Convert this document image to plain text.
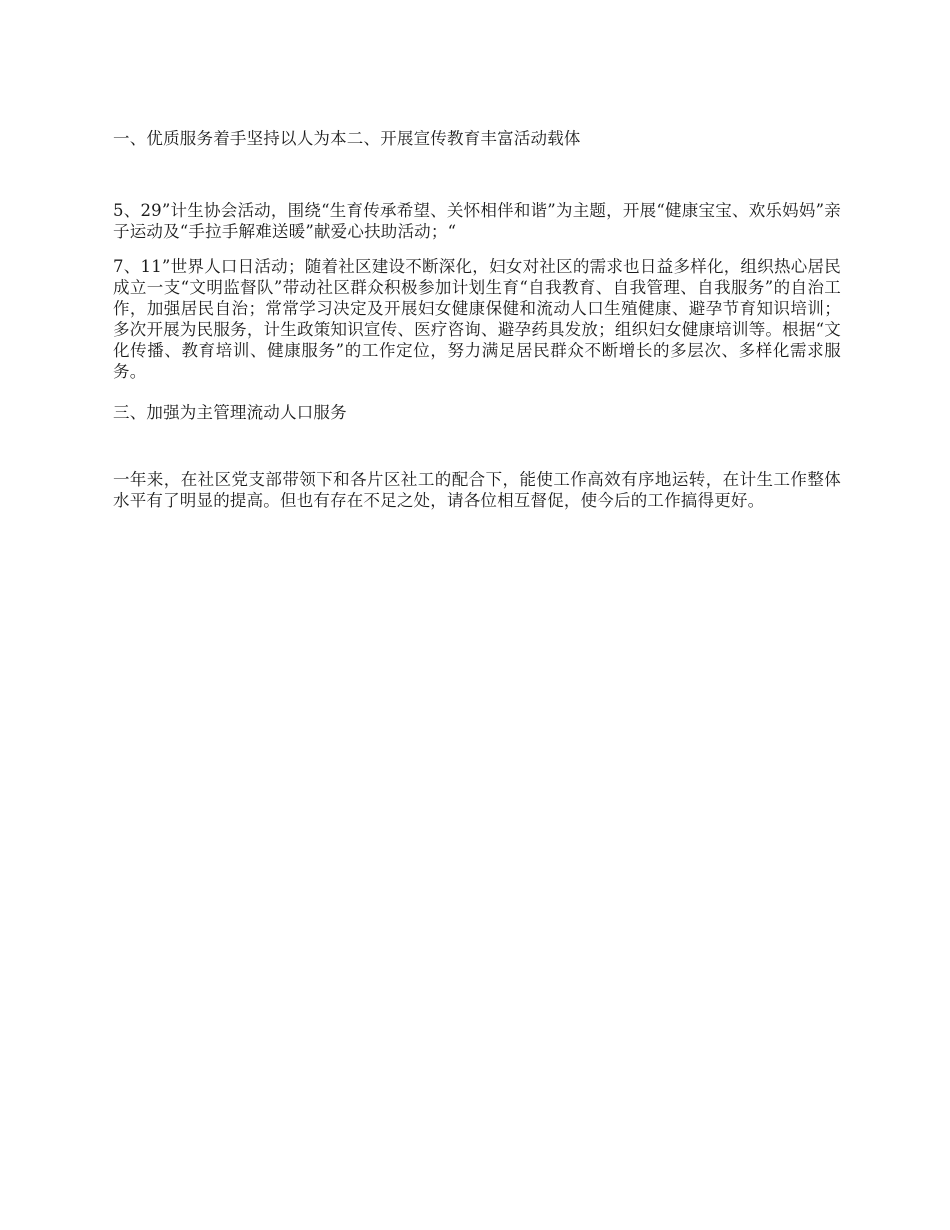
一、优质服务着手坚持以人为本二、开展宣传教育丰富活动载体

5、29”计生协会活动，围绕“生育传承希望、关怀相伴和谐”为主题，开展“健康宝宝、欢乐妈妈”亲子运动及“手拉手解难送暖”献爱心扶助活动；“

7、11”世界人口日活动；随着社区建设不断深化，妇女对社区的需求也日益多样化，组织热心居民成立一支“文明监督队”带动社区群众积极参加计划生育“自我教育、自我管理、自我服务”的自治工作，加强居民自治；常常学习决定及开展妇女健康保健和流动人口生殖健康、避孕节育知识培训；多次开展为民服务，计生政策知识宣传、医疗咨询、避孕药具发放；组织妇女健康培训等。根据“文化传播、教育培训、健康服务”的工作定位，努力满足居民群众不断增长的多层次、多样化需求服务。

三、加强为主管理流动人口服务

一年来，在社区党支部带领下和各片区社工的配合下，能使工作高效有序地运转，在计生工作整体水平有了明显的提高。但也有存在不足之处，请各位相互督促，使今后的工作搞得更好。
